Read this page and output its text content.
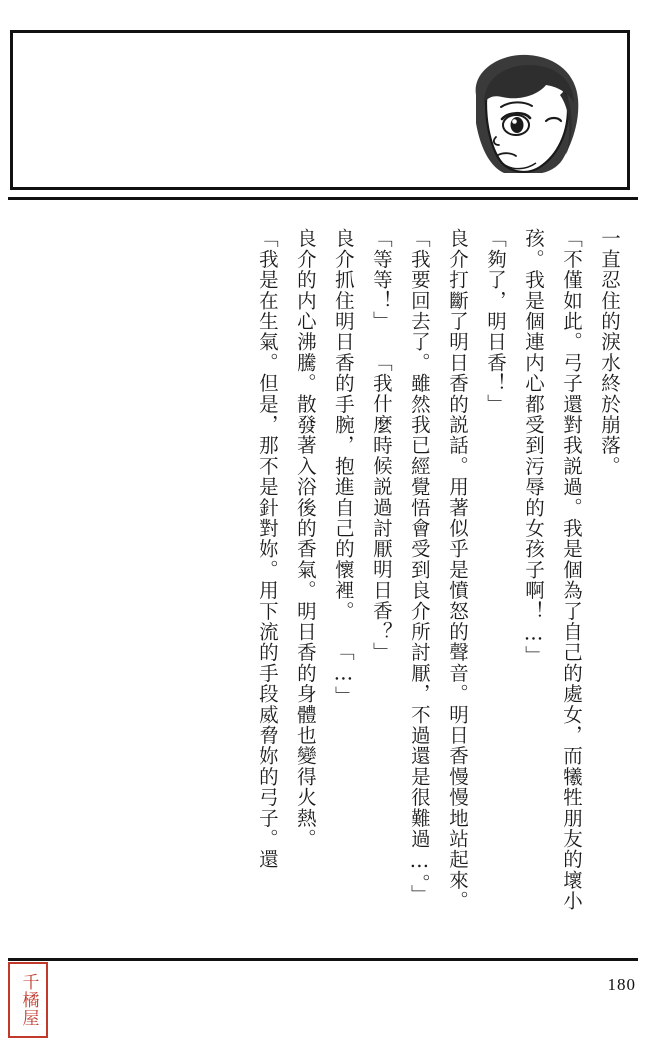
一直忍住的淚水終於崩落。

「不僅如此。弓子還對我説過。我是個為了自己的處女，而犧牲朋友的壞小孩。我是個連内心都受到污辱的女孩子啊！…」

「夠了，明日香！」

良介打斷了明日香的説話。用著似乎是憤怒的聲音。明日香慢慢地站起來。

「我要回去了。雖然我已經覺悟會受到良介所討厭，不過還是很難過…。」

「等等！」

「我什麼時候説過討厭明日香？」

良介抓住明日香的手腕，抱進自己的懷裡。

「…」

良介的内心沸騰。散發著入浴後的香氣。明日香的身體也變得火熱。

「我是在生氣。但是，那不是針對妳。用下流的手段威脅妳的弓子。還

千橘屋	180
